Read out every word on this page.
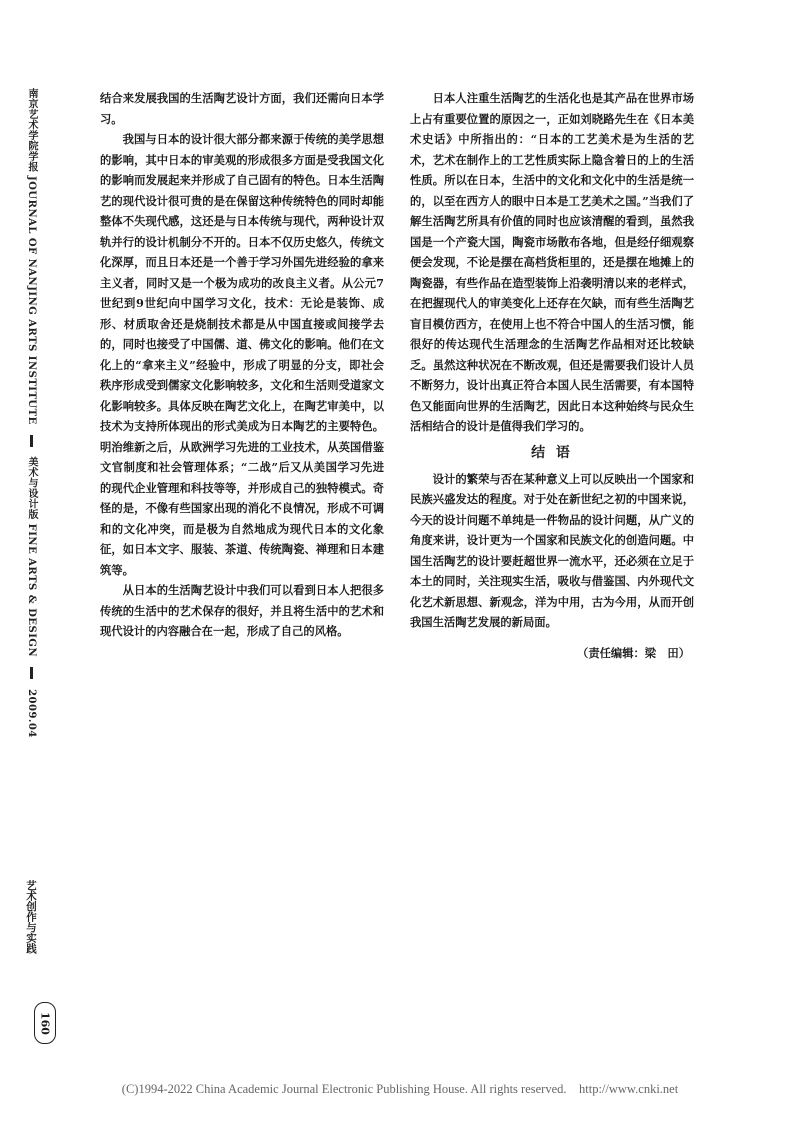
南京艺术学院学报 JOURNAL OF NANJING ARTS INSTITUTE  美术与设计版 FINE ARTS & DESIGN  2009.04
艺术创作与实践
160

结合来发展我国的生活陶艺设计方面，我们还需向日本学习。

我国与日本的设计很大部分都来源于传统的美学思想的影响，其中日本的审美观的形成很多方面是受我国文化的影响而发展起来并形成了自己固有的特色。日本生活陶艺的现代设计很可贵的是在保留这种传统特色的同时却能整体不失现代感，这还是与日本传统与现代，两种设计双轨并行的设计机制分不开的。日本不仅历史悠久，传统文化深厚，而且日本还是一个善于学习外国先进经验的拿来主义者，同时又是一个极为成功的改良主义者。从公元7世纪到9世纪向中国学习文化，技术：无论是装饰、成形、材质取舍还是烧制技术都是从中国直接或间接学去的，同时也接受了中国儒、道、佛文化的影响。他们在文化上的“拿来主义”经验中，形成了明显的分支，即社会秩序形成受到儒家文化影响较多，文化和生活则受道家文化影响较多。具体反映在陶艺文化上，在陶艺审美中，以技术为支持所体现出的形式美成为日本陶艺的主要特色。明治维新之后，从欧洲学习先进的工业技术，从英国借鉴文官制度和社会管理体系；“二战”后又从美国学习先进的现代企业管理和科技等等，并形成自己的独特模式。奇怪的是，不像有些国家出现的消化不良情况，形成不可调和的文化冲突，而是极为自然地成为现代日本的文化象征，如日本文字、服装、茶道、传统陶瓷、禅理和日本建筑等。

从日本的生活陶艺设计中我们可以看到日本人把很多传统的生活中的艺术保存的很好，并且将生活中的艺术和现代设计的内容融合在一起，形成了自己的风格。

日本人注重生活陶艺的生活化也是其产品在世界市场上占有重要位置的原因之一，正如刘晓路先生在《日本美术史话》中所指出的：“日本的工艺美术是为生活的艺术，艺术在制作上的工艺性质实际上隐含着日的上的生活性质。所以在日本，生活中的文化和文化中的生活是统一的，以至在西方人的眼中日本是工艺美术之国。”当我们了解生活陶艺所具有价值的同时也应该清醒的看到，虽然我国是一个产瓷大国，陶瓷市场散布各地，但是经仔细观察便会发现，不论是摆在高档货柜里的，还是摆在地摊上的陶瓷器，有些作品在造型装饰上沿袭明清以来的老样式，在把握现代人的审美变化上还存在欠缺，而有些生活陶艺盲目模仿西方，在使用上也不符合中国人的生活习惯，能很好的传达现代生活理念的生活陶艺作品相对还比较缺乏。虽然这种状况在不断改观，但还是需要我们设计人员不断努力，设计出真正符合本国人民生活需要，有本国特色又能面向世界的生活陶艺，因此日本这种始终与民众生活相结合的设计是值得我们学习的。

结 语

设计的繁荣与否在某种意义上可以反映出一个国家和民族兴盛发达的程度。对于处在新世纪之初的中国来说，今天的设计问题不单纯是一件物品的设计问题，从广义的角度来讲，设计更为一个国家和民族文化的创造问题。中国生活陶艺的设计要赶超世界一流水平，还必须在立足于本土的同时，关注现实生活，吸收与借鉴国、内外现代文化艺术新思想、新观念，洋为中用，古为今用，从而开创我国生活陶艺发展的新局面。

（责任编辑：梁　田）
(C)1994-2022 China Academic Journal Electronic Publishing House. All rights reserved. http://www.cnki.net
